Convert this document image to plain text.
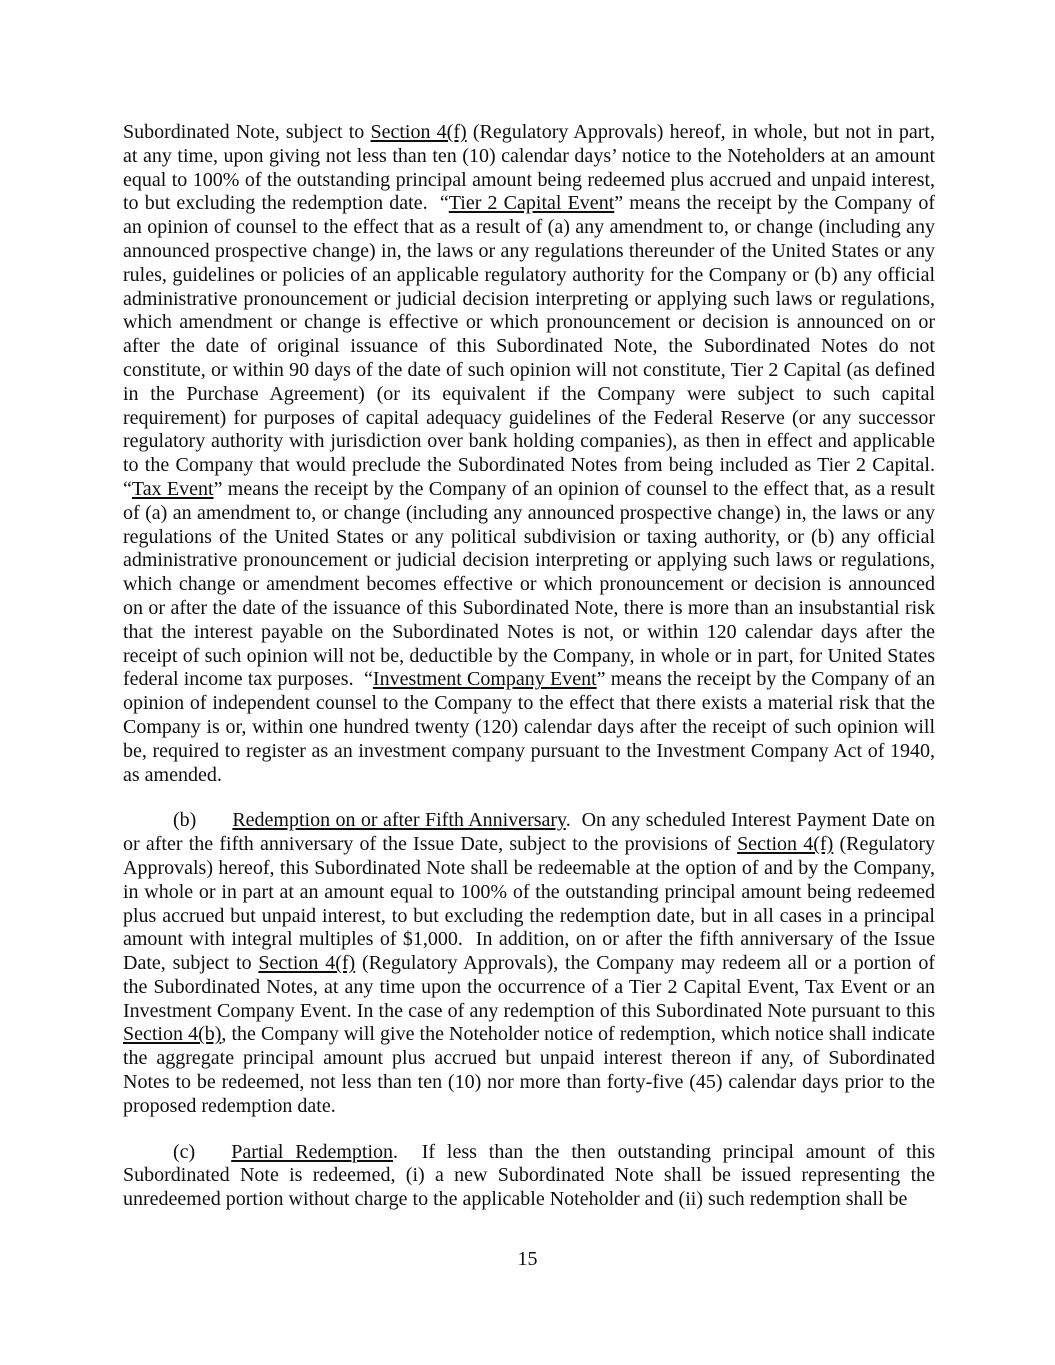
Subordinated Note, subject to Section 4(f) (Regulatory Approvals) hereof, in whole, but not in part, at any time, upon giving not less than ten (10) calendar days’ notice to the Noteholders at an amount equal to 100% of the outstanding principal amount being redeemed plus accrued and unpaid interest, to but excluding the redemption date.  “Tier 2 Capital Event” means the receipt by the Company of an opinion of counsel to the effect that as a result of (a) any amendment to, or change (including any announced prospective change) in, the laws or any regulations thereunder of the United States or any rules, guidelines or policies of an applicable regulatory authority for the Company or (b) any official administrative pronouncement or judicial decision interpreting or applying such laws or regulations, which amendment or change is effective or which pronouncement or decision is announced on or after the date of original issuance of this Subordinated Note, the Subordinated Notes do not constitute, or within 90 days of the date of such opinion will not constitute, Tier 2 Capital (as defined in the Purchase Agreement) (or its equivalent if the Company were subject to such capital requirement) for purposes of capital adequacy guidelines of the Federal Reserve (or any successor regulatory authority with jurisdiction over bank holding companies), as then in effect and applicable to the Company that would preclude the Subordinated Notes from being included as Tier 2 Capital.  “Tax Event” means the receipt by the Company of an opinion of counsel to the effect that, as a result of (a) an amendment to, or change (including any announced prospective change) in, the laws or any regulations of the United States or any political subdivision or taxing authority, or (b) any official administrative pronouncement or judicial decision interpreting or applying such laws or regulations, which change or amendment becomes effective or which pronouncement or decision is announced on or after the date of the issuance of this Subordinated Note, there is more than an insubstantial risk that the interest payable on the Subordinated Notes is not, or within 120 calendar days after the receipt of such opinion will not be, deductible by the Company, in whole or in part, for United States federal income tax purposes.  “Investment Company Event” means the receipt by the Company of an opinion of independent counsel to the Company to the effect that there exists a material risk that the Company is or, within one hundred twenty (120) calendar days after the receipt of such opinion will be, required to register as an investment company pursuant to the Investment Company Act of 1940, as amended.

(b) Redemption on or after Fifth Anniversary.  On any scheduled Interest Payment Date on or after the fifth anniversary of the Issue Date, subject to the provisions of Section 4(f) (Regulatory Approvals) hereof, this Subordinated Note shall be redeemable at the option of and by the Company, in whole or in part at an amount equal to 100% of the outstanding principal amount being redeemed plus accrued but unpaid interest, to but excluding the redemption date, but in all cases in a principal amount with integral multiples of $1,000.  In addition, on or after the fifth anniversary of the Issue Date, subject to Section 4(f) (Regulatory Approvals), the Company may redeem all or a portion of the Subordinated Notes, at any time upon the occurrence of a Tier 2 Capital Event, Tax Event or an Investment Company Event. In the case of any redemption of this Subordinated Note pursuant to this Section 4(b), the Company will give the Noteholder notice of redemption, which notice shall indicate the aggregate principal amount plus accrued but unpaid interest thereon if any, of Subordinated Notes to be redeemed, not less than ten (10) nor more than forty-five (45) calendar days prior to the proposed redemption date.

(c) Partial Redemption.  If less than the then outstanding principal amount of this Subordinated Note is redeemed, (i) a new Subordinated Note shall be issued representing the unredeemed portion without charge to the applicable Noteholder and (ii) such redemption shall be

15
